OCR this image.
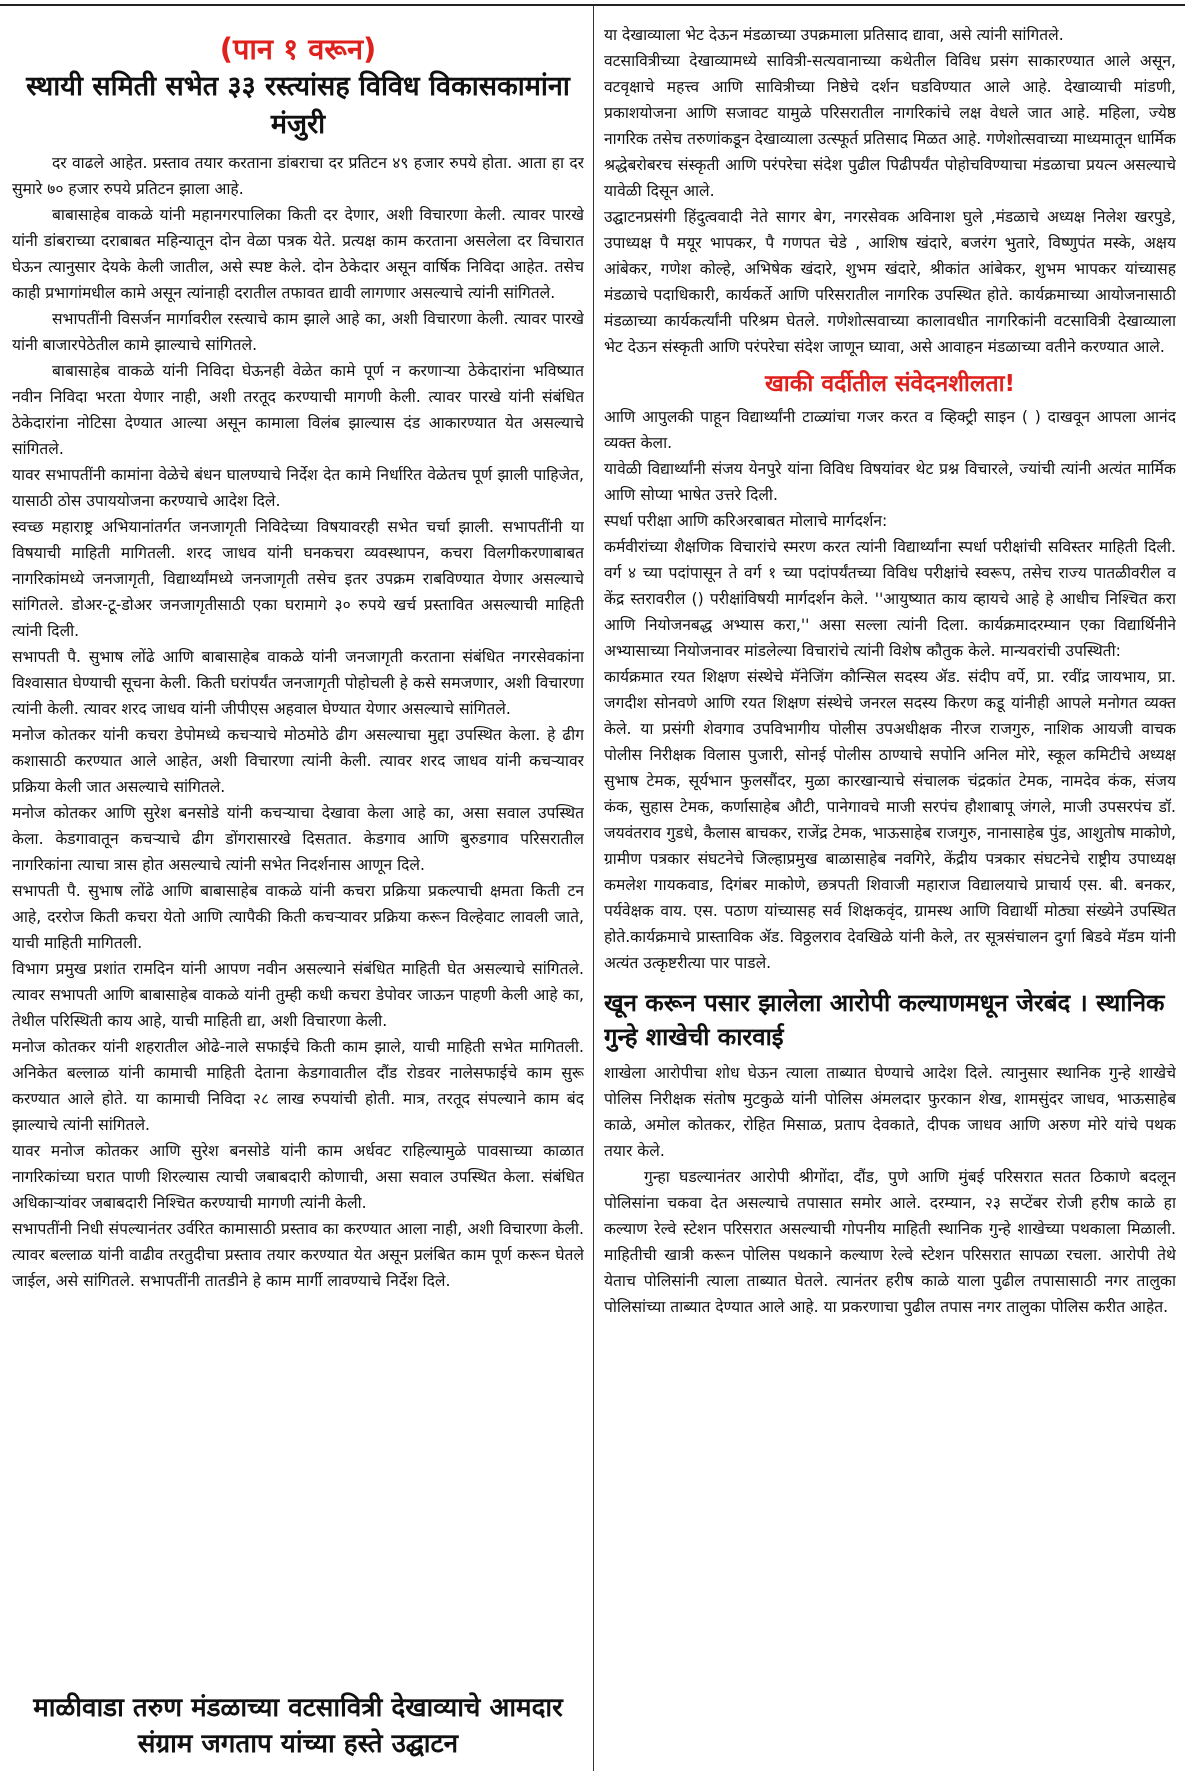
(पान १ वरून)
स्थायी समिती सभेत ३३ रस्त्यांसह विविध विकासकामांना मंजुरी

दर वाढले आहेत. प्रस्ताव तयार करताना डांबराचा दर प्रतिटन ४९ हजार रुपये होता. आता हा दर सुमारे ७० हजार रुपये प्रतिटन झाला आहे.

बाबासाहेब वाकळे यांनी महानगरपालिका किती दर देणार, अशी विचारणा केली. त्यावर पारखे यांनी डांबराच्या दराबाबत महिन्यातून दोन वेळा पत्रक येते. प्रत्यक्ष काम करताना असलेला दर विचारात घेऊन त्यानुसार देयके केली जातील, असे स्पष्ट केले. दोन ठेकेदार असून वार्षिक निविदा आहेत. तसेच काही प्रभागांमधील कामे असून त्यांनाही दरातील तफावत द्यावी लागणार असल्याचे त्यांनी सांगितले.

सभापतींनी विसर्जन मार्गावरील रस्त्याचे काम झाले आहे का, अशी विचारणा केली. त्यावर पारखे यांनी बाजारपेठेतील कामे झाल्याचे सांगितले.

बाबासाहेब वाकळे यांनी निविदा घेऊनही वेळेत कामे पूर्ण न करणाऱ्या ठेकेदारांना भविष्यात नवीन निविदा भरता येणार नाही, अशी तरतूद करण्याची मागणी केली. त्यावर पारखे यांनी संबंधित ठेकेदारांना नोटिसा देण्यात आल्या असून कामाला विलंब झाल्यास दंड आकारण्यात येत असल्याचे सांगितले.

यावर सभापतींनी कामांना वेळेचे बंधन घालण्याचे निर्देश देत कामे निर्धारित वेळेतच पूर्ण झाली पाहिजेत, यासाठी ठोस उपाययोजना करण्याचे आदेश दिले.

स्वच्छ महाराष्ट्र अभियानांतर्गत जनजागृती निविदेच्या विषयावरही सभेत चर्चा झाली. सभापतींनी या विषयाची माहिती मागितली. शरद जाधव यांनी घनकचरा व्यवस्थापन, कचरा विलगीकरणाबाबत नागरिकांमध्ये जनजागृती, विद्यार्थ्यांमध्ये जनजागृती तसेच इतर उपक्रम राबविण्यात येणार असल्याचे सांगितले. डोअर-टू-डोअर जनजागृतीसाठी एका घरामागे ३० रुपये खर्च प्रस्तावित असल्याची माहिती त्यांनी दिली.

सभापती पै. सुभाष लोंढे आणि बाबासाहेब वाकळे यांनी जनजागृती करताना संबंधित नगरसेवकांना विश्वासात घेण्याची सूचना केली. किती घरांपर्यंत जनजागृती पोहोचली हे कसे समजणार, अशी विचारणा त्यांनी केली. त्यावर शरद जाधव यांनी जीपीएस अहवाल घेण्यात येणार असल्याचे सांगितले.

मनोज कोतकर यांनी कचरा डेपोमध्ये कचऱ्याचे मोठमोठे ढीग असल्याचा मुद्दा उपस्थित केला. हे ढीग कशासाठी करण्यात आले आहेत, अशी विचारणा त्यांनी केली. त्यावर शरद जाधव यांनी कचऱ्यावर प्रक्रिया केली जात असल्याचे सांगितले.

मनोज कोतकर आणि सुरेश बनसोडे यांनी कचऱ्याचा देखावा केला आहे का, असा सवाल उपस्थित केला. केडगावातून कचऱ्याचे ढीग डोंगरासारखे दिसतात. केडगाव आणि बुरुडगाव परिसरातील नागरिकांना त्याचा त्रास होत असल्याचे त्यांनी सभेत निदर्शनास आणून दिले.

सभापती पै. सुभाष लोंढे आणि बाबासाहेब वाकळे यांनी कचरा प्रक्रिया प्रकल्पाची क्षमता किती टन आहे, दररोज किती कचरा येतो आणि त्यापैकी किती कचऱ्यावर प्रक्रिया करून विल्हेवाट लावली जाते, याची माहिती मागितली.

विभाग प्रमुख प्रशांत रामदिन यांनी आपण नवीन असल्याने संबंधित माहिती घेत असल्याचे सांगितले. त्यावर सभापती आणि बाबासाहेब वाकळे यांनी तुम्ही कधी कचरा डेपोवर जाऊन पाहणी केली आहे का, तेथील परिस्थिती काय आहे, याची माहिती द्या, अशी विचारणा केली.

मनोज कोतकर यांनी शहरातील ओढे-नाले सफाईचे किती काम झाले, याची माहिती सभेत मागितली. अनिकेत बल्लाळ यांनी कामाची माहिती देताना केडगावातील दौंड रोडवर नालेसफाईचे काम सुरू करण्यात आले होते. या कामाची निविदा २८ लाख रुपयांची होती. मात्र, तरतूद संपल्याने काम बंद झाल्याचे त्यांनी सांगितले.

यावर मनोज कोतकर आणि सुरेश बनसोडे यांनी काम अर्धवट राहिल्यामुळे पावसाच्या काळात नागरिकांच्या घरात पाणी शिरल्यास त्याची जबाबदारी कोणाची, असा सवाल उपस्थित केला. संबंधित अधिकाऱ्यांवर जबाबदारी निश्चित करण्याची मागणी त्यांनी केली.

सभापतींनी निधी संपल्यानंतर उर्वरित कामासाठी प्रस्ताव का करण्यात आला नाही, अशी विचारणा केली. त्यावर बल्लाळ यांनी वाढीव तरतुदीचा प्रस्ताव तयार करण्यात येत असून प्रलंबित काम पूर्ण करून घेतले जाईल, असे सांगितले. सभापतींनी तातडीने हे काम मार्गी लावण्याचे निर्देश दिले.

माळीवाडा तरुण मंडळाच्या वटसावित्री देखाव्याचे आमदार संग्राम जगताप यांच्या हस्ते उद्घाटन

या देखाव्याला भेट देऊन मंडळाच्या उपक्रमाला प्रतिसाद द्यावा, असे त्यांनी सांगितले.

वटसावित्रीच्या देखाव्यामध्ये सावित्री-सत्यवानाच्या कथेतील विविध प्रसंग साकारण्यात आले असून, वटवृक्षाचे महत्त्व आणि सावित्रीच्या निष्ठेचे दर्शन घडविण्यात आले आहे. देखाव्याची मांडणी, प्रकाशयोजना आणि सजावट यामुळे परिसरातील नागरिकांचे लक्ष वेधले जात आहे. महिला, ज्येष्ठ नागरिक तसेच तरुणांकडून देखाव्याला उत्स्फूर्त प्रतिसाद मिळत आहे. गणेशोत्सवाच्या माध्यमातून धार्मिक श्रद्धेबरोबरच संस्कृती आणि परंपरेचा संदेश पुढील पिढीपर्यंत पोहोचविण्याचा मंडळाचा प्रयत्न असल्याचे यावेळी दिसून आले.

उद्घाटनप्रसंगी हिंदुत्ववादी नेते सागर बेग, नगरसेवक अविनाश घुले ,मंडळाचे अध्यक्ष निलेश खरपुडे, उपाध्यक्ष पै मयूर भापकर, पै गणपत चेडे , आशिष खंदारे, बजरंग भुतारे, विष्णुपंत मस्के, अक्षय आंबेकर, गणेश कोल्हे, अभिषेक खंदारे, शुभम खंदारे, श्रीकांत आंबेकर, शुभम भापकर यांच्यासह मंडळाचे पदाधिकारी, कार्यकर्ते आणि परिसरातील नागरिक उपस्थित होते. कार्यक्रमाच्या आयोजनासाठी मंडळाच्या कार्यकर्त्यांनी परिश्रम घेतले. गणेशोत्सवाच्या कालावधीत नागरिकांनी वटसावित्री देखाव्याला भेट देऊन संस्कृती आणि परंपरेचा संदेश जाणून घ्यावा, असे आवाहन मंडळाच्या वतीने करण्यात आले.

खाकी वर्दीतील संवेदनशीलता!

आणि आपुलकी पाहून विद्यार्थ्यांनी टाळ्यांचा गजर करत व व्हिक्ट्री साइन ( ) दाखवून आपला आनंद व्यक्त केला.

यावेळी विद्यार्थ्यांनी संजय येनपुरे यांना विविध विषयांवर थेट प्रश्न विचारले, ज्यांची त्यांनी अत्यंत मार्मिक आणि सोप्या भाषेत उत्तरे दिली.

स्पर्धा परीक्षा आणि करिअरबाबत मोलाचे मार्गदर्शन:

कर्मवीरांच्या शैक्षणिक विचारांचे स्मरण करत त्यांनी विद्यार्थ्यांना स्पर्धा परीक्षांची सविस्तर माहिती दिली. वर्ग ४ च्या पदांपासून ते वर्ग १ च्या पदांपर्यंतच्या विविध परीक्षांचे स्वरूप, तसेच राज्य पातळीवरील व केंद्र स्तरावरील () परीक्षांविषयी मार्गदर्शन केले. ''आयुष्यात काय व्हायचे आहे हे आधीच निश्चित करा आणि नियोजनबद्ध अभ्यास करा,'' असा सल्ला त्यांनी दिला. कार्यक्रमादरम्यान एका विद्यार्थिनीने अभ्यासाच्या नियोजनावर मांडलेल्या विचारांचे त्यांनी विशेष कौतुक केले. मान्यवरांची उपस्थिती:

कार्यक्रमात रयत शिक्षण संस्थेचे मॅनेजिंग कौन्सिल सदस्य ॲड. संदीप वर्पे, प्रा. रवींद्र जायभाय, प्रा. जगदीश सोनवणे आणि रयत शिक्षण संस्थेचे जनरल सदस्य किरण कडू यांनीही आपले मनोगत व्यक्त केले. या प्रसंगी शेवगाव उपविभागीय पोलीस उपअधीक्षक नीरज राजगुरु, नाशिक आयजी वाचक पोलीस निरीक्षक विलास पुजारी, सोनई पोलीस ठाण्याचे सपोनि अनिल मोरे, स्कूल कमिटीचे अध्यक्ष सुभाष टेमक, सूर्यभान फुलसौंदर, मुळा कारखान्याचे संचालक चंद्रकांत टेमक, नामदेव कंक, संजय कंक, सुहास टेमक, कर्णासाहेब औटी, पानेगावचे माजी सरपंच हौशाबापू जंगले, माजी उपसरपंच डॉ. जयवंतराव गुडधे, कैलास बाचकर, राजेंद्र टेमक, भाऊसाहेब राजगुरु, नानासाहेब पुंड, आशुतोष माकोणे, ग्रामीण पत्रकार संघटनेचे जिल्हाप्रमुख बाळासाहेब नवगिरे, केंद्रीय पत्रकार संघटनेचे राष्ट्रीय उपाध्यक्ष कमलेश गायकवाड, दिगंबर माकोणे, छत्रपती शिवाजी महाराज विद्यालयाचे प्राचार्य एस. बी. बनकर, पर्यवेक्षक वाय. एस. पठाण यांच्यासह सर्व शिक्षकवृंद, ग्रामस्थ आणि विद्यार्थी मोठ्या संख्येने उपस्थित होते.कार्यक्रमाचे प्रास्ताविक ॲड. विठ्ठलराव देवखिळे यांनी केले, तर सूत्रसंचालन दुर्गा बिडवे मॅडम यांनी अत्यंत उत्कृष्टरीत्या पार पाडले.

खून करून पसार झालेला आरोपी कल्याणमधून जेरबंद । स्थानिक गुन्हे शाखेची कारवाई

शाखेला आरोपीचा शोध घेऊन त्याला ताब्यात घेण्याचे आदेश दिले. त्यानुसार स्थानिक गुन्हे शाखेचे पोलिस निरीक्षक संतोष मुटकुळे यांनी पोलिस अंमलदार फुरकान शेख, शामसुंदर जाधव, भाऊसाहेब काळे, अमोल कोतकर, रोहित मिसाळ, प्रताप देवकाते, दीपक जाधव आणि अरुण मोरे यांचे पथक तयार केले.

गुन्हा घडल्यानंतर आरोपी श्रीगोंदा, दौंड, पुणे आणि मुंबई परिसरात सतत ठिकाणे बदलून पोलिसांना चकवा देत असल्याचे तपासात समोर आले. दरम्यान, २३ सप्टेंबर रोजी हरीष काळे हा कल्याण रेल्वे स्टेशन परिसरात असल्याची गोपनीय माहिती स्थानिक गुन्हे शाखेच्या पथकाला मिळाली. माहितीची खात्री करून पोलिस पथकाने कल्याण रेल्वे स्टेशन परिसरात सापळा रचला. आरोपी तेथे येताच पोलिसांनी त्याला ताब्यात घेतले. त्यानंतर हरीष काळे याला पुढील तपासासाठी नगर तालुका पोलिसांच्या ताब्यात देण्यात आले आहे. या प्रकरणाचा पुढील तपास नगर तालुका पोलिस करीत आहेत.
